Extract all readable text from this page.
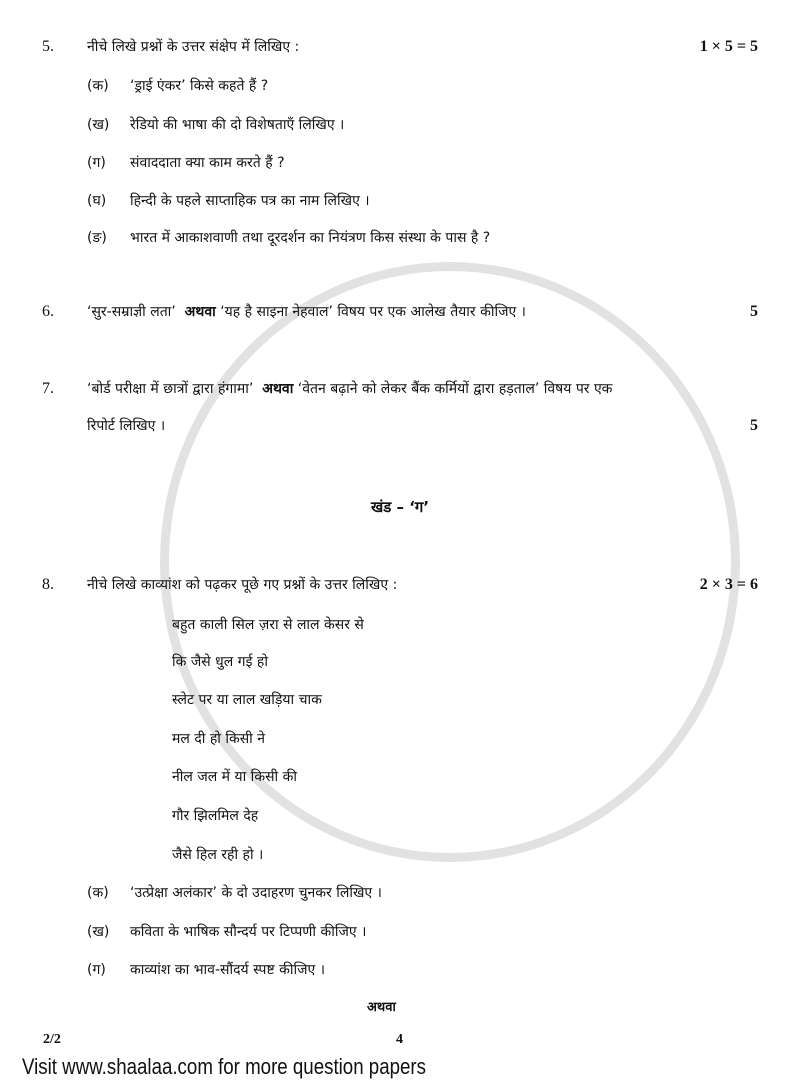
5. नीचे लिखे प्रश्नों के उत्तर संक्षेप में लिखिए :	1 × 5 = 5
(क) ‘ड्राई एंकर’ किसे कहते हैं ?
(ख) रेडियो की भाषा की दो विशेषताएँ लिखिए ।
(ग) संवाददाता क्या काम करते हैं ?
(घ) हिन्दी के पहले साप्ताहिक पत्र का नाम लिखिए ।
(ङ) भारत में आकाशवाणी तथा दूरदर्शन का नियंत्रण किस संस्था के पास है ?
6. ‘सुर-सम्राज्ञी लता’ अथवा ‘यह है साइना नेहवाल’ विषय पर एक आलेख तैयार कीजिए ।	5
7. ‘बोर्ड परीक्षा में छात्रों द्वारा हंगामा’ अथवा ‘वेतन बढ़ाने को लेकर बैंक कर्मियों द्वारा हड़ताल’ विषय पर एक
रिपोर्ट लिखिए ।	5
खंड – ‘ग’
8. नीचे लिखे काव्यांश को पढ़कर पूछे गए प्रश्नों के उत्तर लिखिए :	2 × 3 = 6
बहुत काली सिल ज़रा से लाल केसर से
कि जैसे धुल गई हो
स्लेट पर या लाल खड़िया चाक
मल दी हो किसी ने
नील जल में या किसी की
गौर झिलमिल देह
जैसे हिल रही हो ।
(क) ‘उत्प्रेक्षा अलंकार’ के दो उदाहरण चुनकर लिखिए ।
(ख) कविता के भाषिक सौन्दर्य पर टिप्पणी कीजिए ।
(ग) काव्यांश का भाव-सौंदर्य स्पष्ट कीजिए ।
अथवा
2/2	4
Visit www.shaalaa.com for more question papers
